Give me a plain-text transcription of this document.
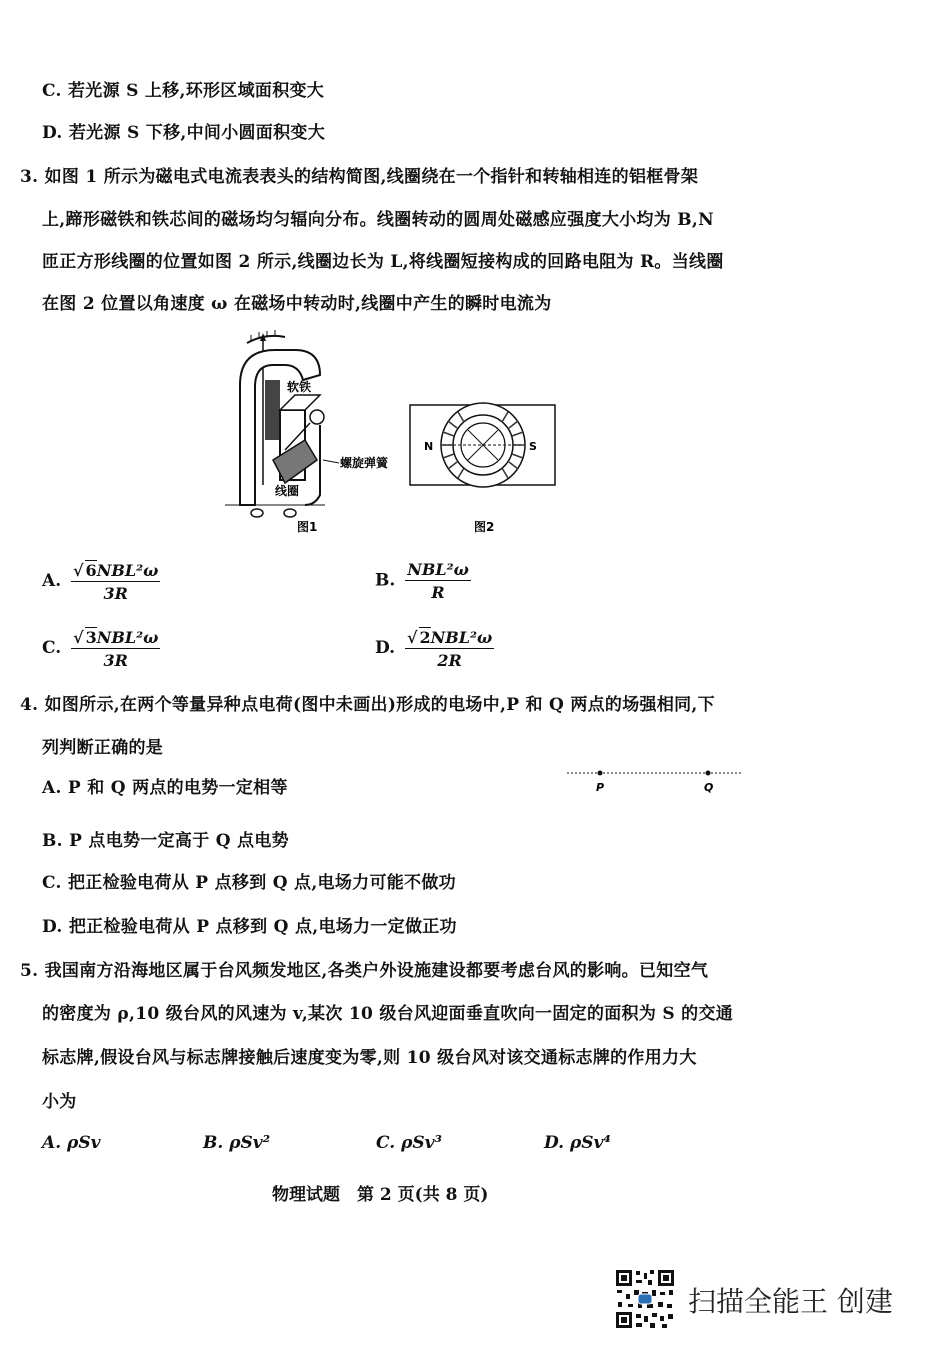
C. 若光源 S 上移,环形区域面积变大
D. 若光源 S 下移,中间小圆面积变大
3. 如图 1 所示为磁电式电流表表头的结构简图,线圈绕在一个指针和转轴相连的铝框骨架
上,蹄形磁铁和铁芯间的磁场均匀辐向分布。线圈转动的圆周处磁感应强度大小均为 B,N
匝正方形线圈的位置如图 2 所示,线圈边长为 L,将线圈短接构成的回路电阻为 R。当线圈
在图 2 位置以角速度 ω 在磁场中转动时,线圈中产生的瞬时电流为
软铁
螺旋弹簧
线圈
图1
N	S
图2
A. $\frac{\text{√ 6NBL²ω}}{3R}$	B. $\frac{\text{NBL²ω}}{R}$
C. $\frac{\text{√ 3NBL²ω}}{3R}$	D. $\frac{\text{√ 2NBL²ω}}{2R}$
4. 如图所示,在两个等量异种点电荷(图中未画出)形成的电场中,P 和 Q 两点的场强相同,下
列判断正确的是
A. P 和 Q 两点的电势一定相等	P	Q
B. P 点电势一定高于 Q 点电势
C. 把正检验电荷从 P 点移到 Q 点,电场力可能不做功
D. 把正检验电荷从 P 点移到 Q 点,电场力一定做正功
5. 我国南方沿海地区属于台风频发地区,各类户外设施建设都要考虑台风的影响。已知空气
的密度为 ρ,10 级台风的风速为 v,某次 10 级台风迎面垂直吹向一固定的面积为 S 的交通
标志牌,假设台风与标志牌接触后速度变为零,则 10 级台风对该交通标志牌的作用力大
小为
A. ρSv	B. ρSv²	C. ρSv³	D. ρSv⁴
物理试题　第 2 页(共 8 页)
扫描全能王 创建
